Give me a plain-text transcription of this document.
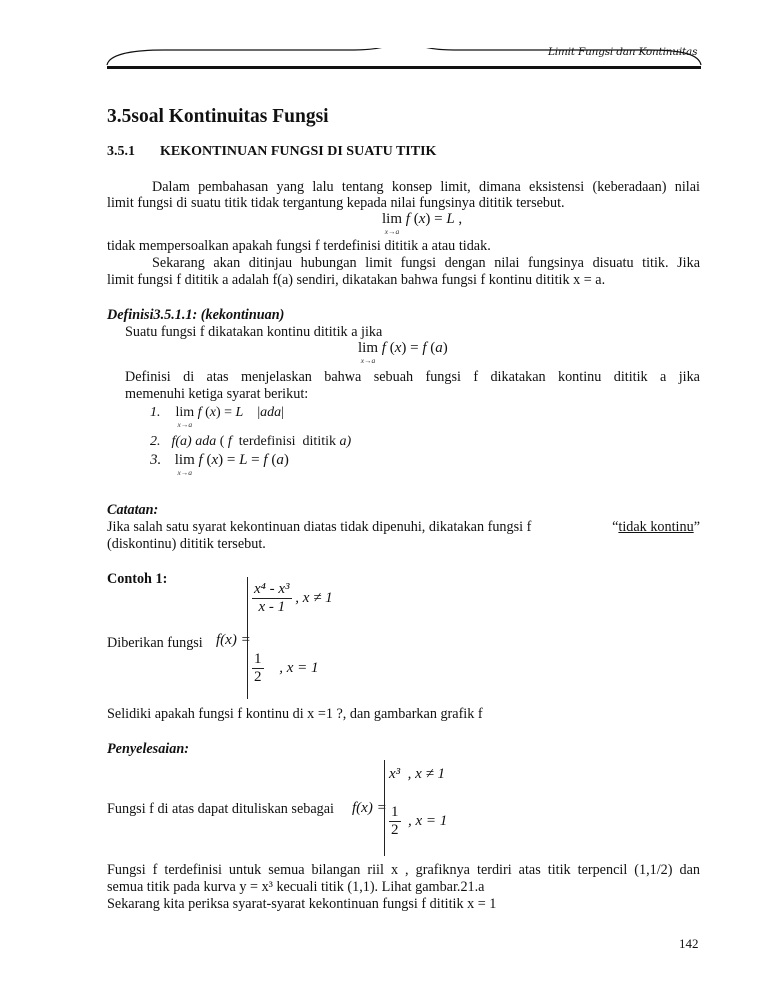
Limit Fungsi dan Kontinuitas
3.5soal Kontinuitas Fungsi
3.5.1 KEKONTINUAN FUNGSI DI SUATU TITIK
Dalam pembahasan yang lalu tentang konsep limit, dimana eksistensi (keberadaan) nilai
limit fungsi di suatu titik tidak tergantung kepada nilai fungsinya dititik tersebut.
lim
x→a
f (x) = L ,
tidak mempersoalkan apakah fungsi f terdefinisi dititik a atau tidak.
Sekarang akan ditinjau hubungan limit fungsi dengan nilai fungsinya disuatu titik. Jika
limit fungsi f dititik a adalah f(a) sendiri, dikatakan bahwa fungsi f kontinu dititik x = a.
Definisi3.5.1.1: (kekontinuan)
Suatu fungsi f dikatakan kontinu dititik a jika
lim
x→a
f (x) = f (a)
Definisi di atas menjelaskan bahwa sebuah fungsi f dikatakan kontinu dititik a jika
memenuhi ketiga syarat berikut:
1. lim
x→a
f (x) = L    |ada|
2. f(a) ada ( f  terdefinisi  dititik a)
3. lim
x→a
f (x) = L = f (a)
Catatan:
Jika salah satu syarat kekontinuan diatas tidak dipenuhi, dikatakan fungsi f	“tidak kontinu”
(diskontinu) dititik tersebut.
Contoh 1:
Diberikan fungsi f(x) =
$\frac{\text{x⁴ - x³}}{x - 1}$ , x ≠ 1
$\frac{1}{2}$ , x = 1
Selidiki apakah fungsi f kontinu di x =1 ?, dan gambarkan grafik f
Penyelesaian:
Fungsi f di atas dapat dituliskan sebagai f(x) =
x³ , x ≠ 1
$\frac{1}{2}$ , x = 1
Fungsi f terdefinisi untuk semua bilangan riil x , grafiknya terdiri atas titik terpencil (1,1/2) dan
semua titik pada kurva y = x³ kecuali titik (1,1). Lihat gambar.21.a
Sekarang kita periksa syarat-syarat kekontinuan fungsi f dititik x = 1
142
